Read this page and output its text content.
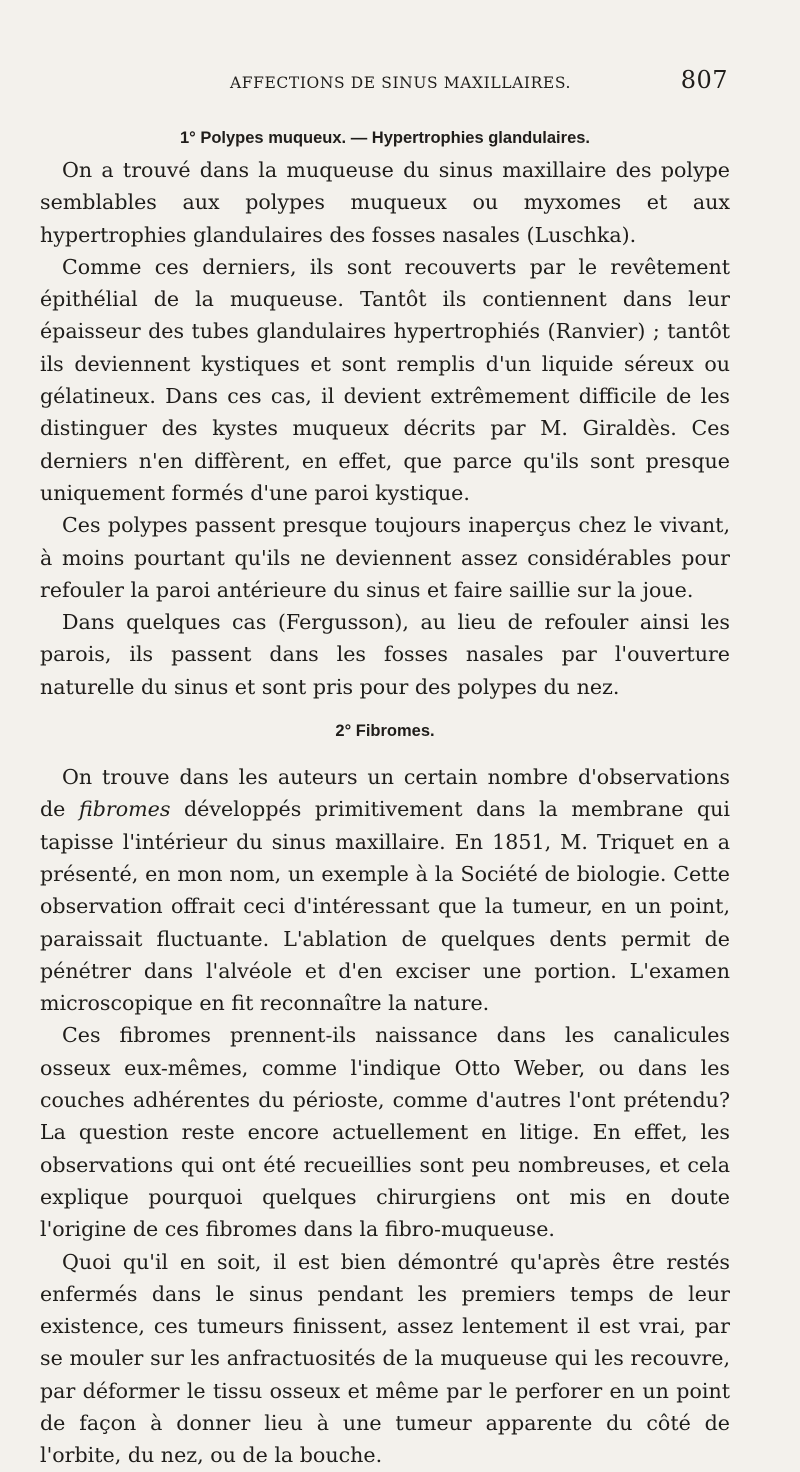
AFFECTIONS DE SINUS MAXILLAIRES.	807
1° Polypes muqueux. — Hypertrophies glandulaires.

On a trouvé dans la muqueuse du sinus maxillaire des polype semblables aux polypes muqueux ou myxomes et aux hypertrophies glandulaires des fosses nasales (Luschka).

Comme ces derniers, ils sont recouverts par le revêtement épithélial de la muqueuse. Tantôt ils contiennent dans leur épaisseur des tubes glandulaires hypertrophiés (Ranvier) ; tantôt ils deviennent kystiques et sont remplis d'un liquide séreux ou gélatineux. Dans ces cas, il devient extrêmement difficile de les distinguer des kystes muqueux décrits par M. Giraldès. Ces derniers n'en diffèrent, en effet, que parce qu'ils sont presque uniquement formés d'une paroi kystique.

Ces polypes passent presque toujours inaperçus chez le vivant, à moins pourtant qu'ils ne deviennent assez considérables pour refouler la paroi antérieure du sinus et faire saillie sur la joue.

Dans quelques cas (Fergusson), au lieu de refouler ainsi les parois, ils passent dans les fosses nasales par l'ouverture naturelle du sinus et sont pris pour des polypes du nez.

2° Fibromes.

On trouve dans les auteurs un certain nombre d'observations de fibromes développés primitivement dans la membrane qui tapisse l'intérieur du sinus maxillaire. En 1851, M. Triquet en a présenté, en mon nom, un exemple à la Société de biologie. Cette observation offrait ceci d'intéressant que la tumeur, en un point, paraissait fluctuante. L'ablation de quelques dents permit de pénétrer dans l'alvéole et d'en exciser une portion. L'examen microscopique en fit reconnaître la nature.

Ces fibromes prennent-ils naissance dans les canalicules osseux eux-mêmes, comme l'indique Otto Weber, ou dans les couches adhérentes du périoste, comme d'autres l'ont prétendu? La question reste encore actuellement en litige. En effet, les observations qui ont été recueillies sont peu nombreuses, et cela explique pourquoi quelques chirurgiens ont mis en doute l'origine de ces fibromes dans la fibro-muqueuse.

Quoi qu'il en soit, il est bien démontré qu'après être restés enfermés dans le sinus pendant les premiers temps de leur existence, ces tumeurs finissent, assez lentement il est vrai, par se mouler sur les anfractuosités de la muqueuse qui les recouvre, par déformer le tissu osseux et même par le perforer en un point de façon à donner lieu à une tumeur apparente du côté de l'orbite, du nez, ou de la bouche.
